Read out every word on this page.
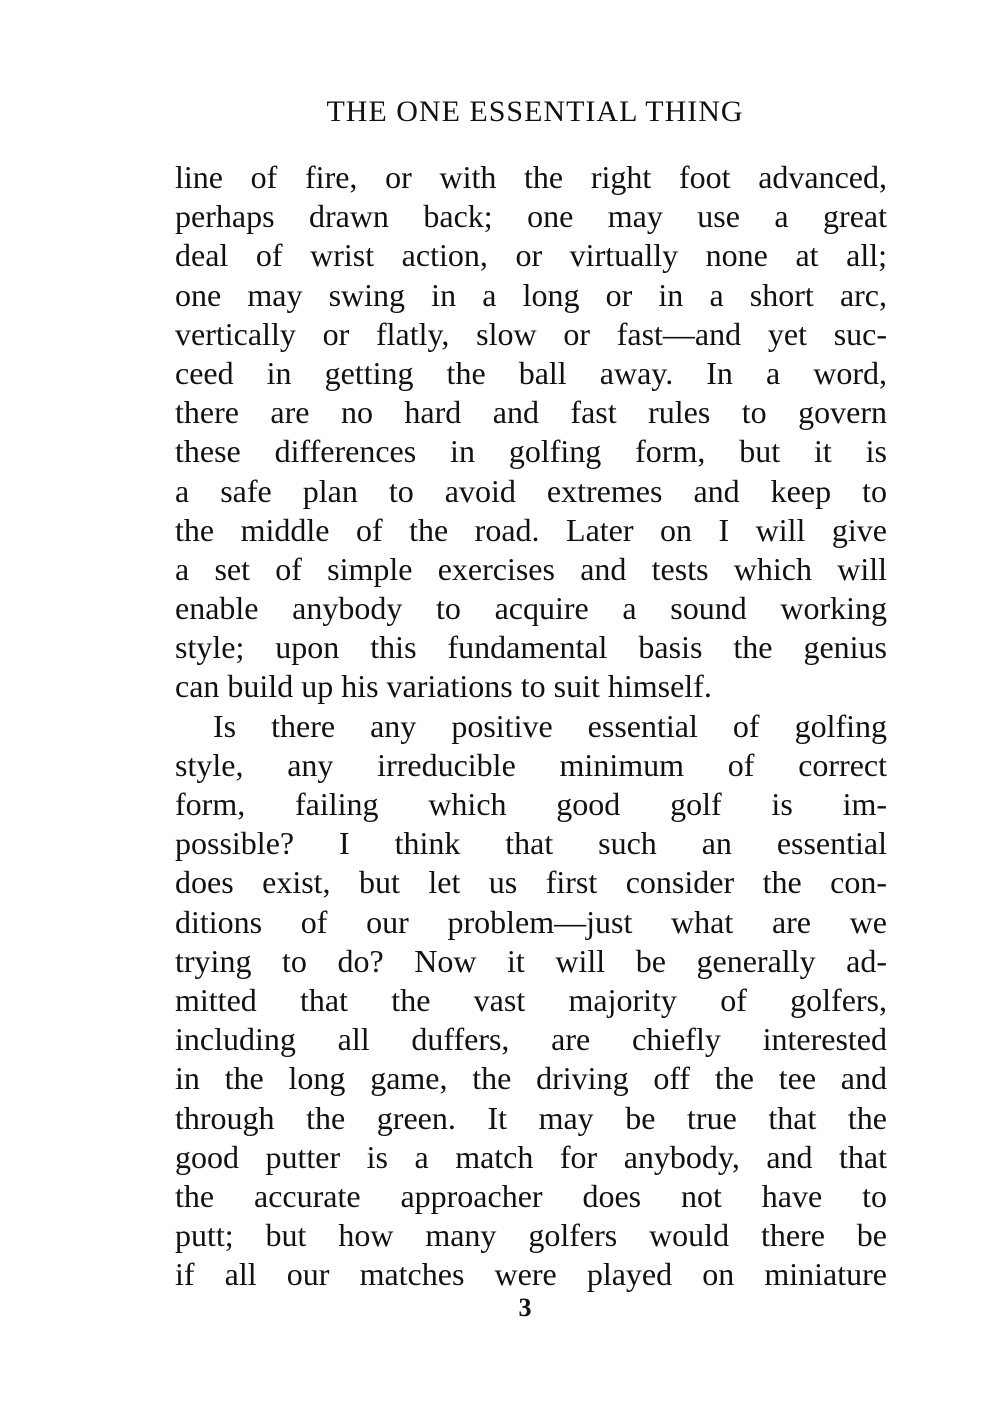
THE ONE ESSENTIAL THING
line of fire, or with the right foot advanced,
perhaps drawn back; one may use a great
deal of wrist action, or virtually none at all;
one may swing in a long or in a short arc,
vertically or flatly, slow or fast—and yet suc-
ceed in getting the ball away. In a word,
there are no hard and fast rules to govern
these differences in golfing form, but it is
a safe plan to avoid extremes and keep to
the middle of the road. Later on I will give
a set of simple exercises and tests which will
enable anybody to acquire a sound working
style; upon this fundamental basis the genius
can build up his variations to suit himself.
Is there any positive essential of golfing
style, any irreducible minimum of correct
form, failing which good golf is im-
possible? I think that such an essential
does exist, but let us first consider the con-
ditions of our problem—just what are we
trying to do? Now it will be generally ad-
mitted that the vast majority of golfers,
including all duffers, are chiefly interested
in the long game, the driving off the tee and
through the green. It may be true that the
good putter is a match for anybody, and that
the accurate approacher does not have to
putt; but how many golfers would there be
if all our matches were played on miniature
3
